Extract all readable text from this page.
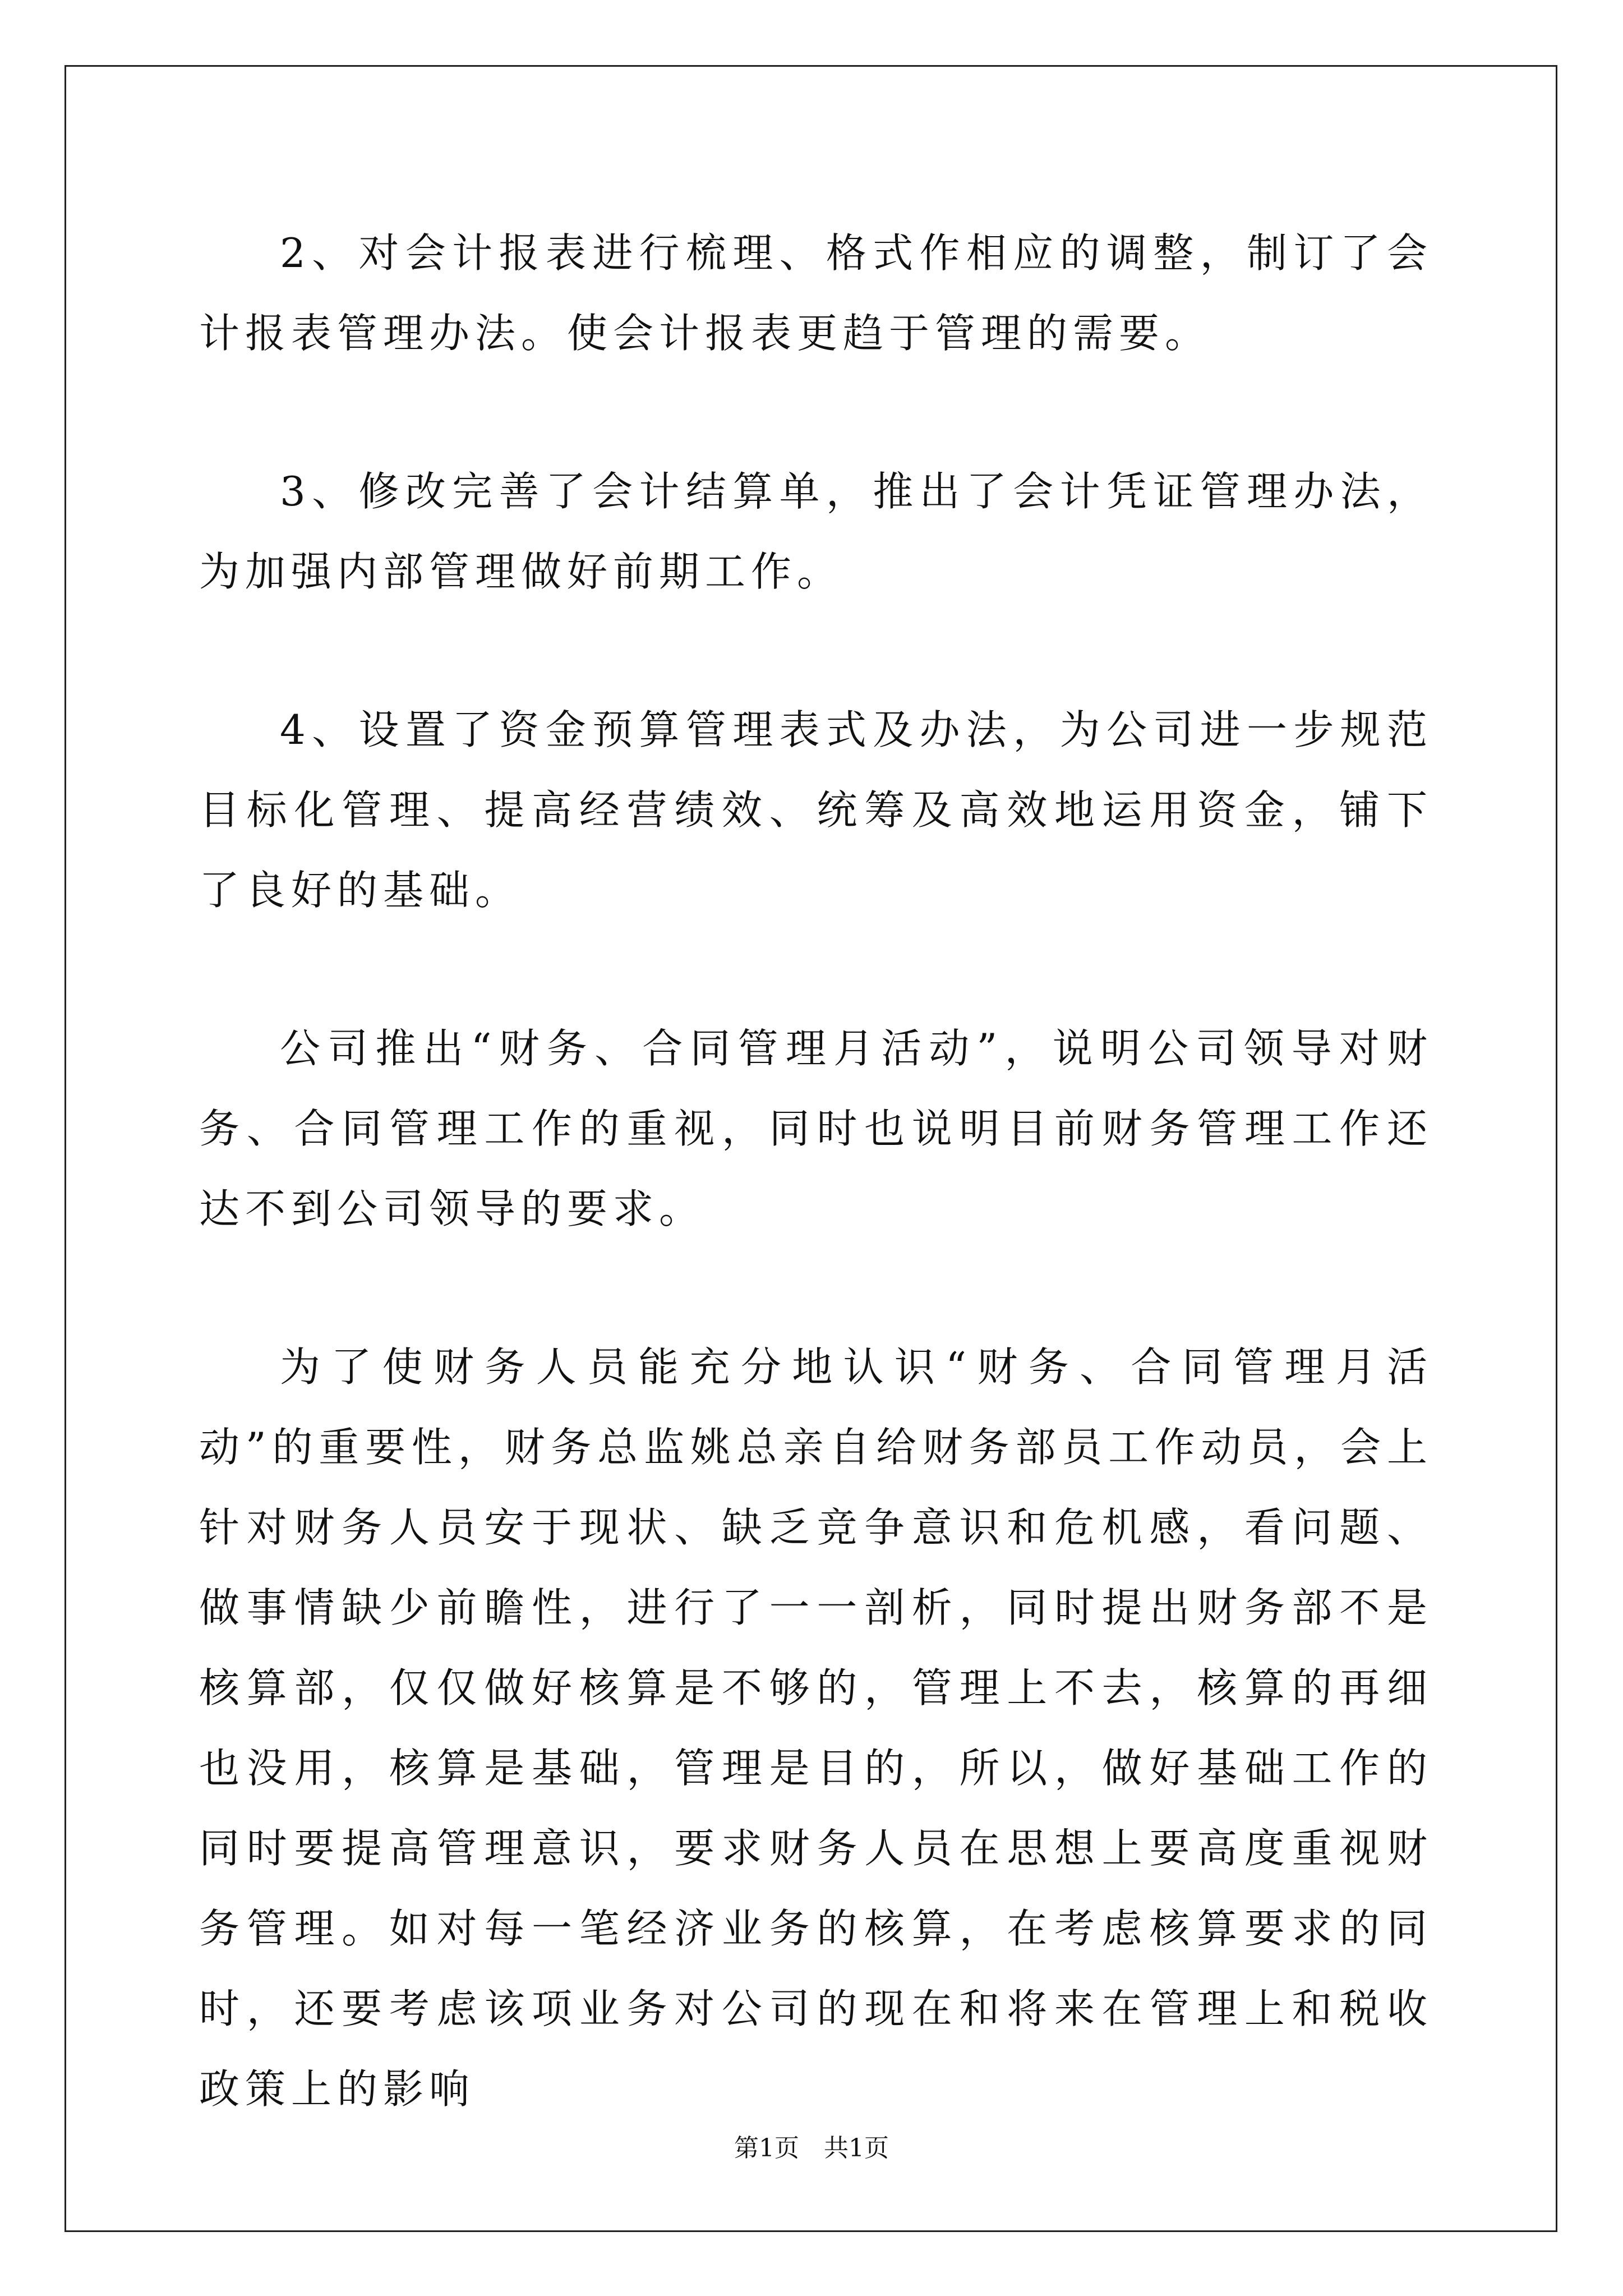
2、对会计报表进行梳理、格式作相应的调整，制订了会计报表管理办法。使会计报表更趋于管理的需要。

3、修改完善了会计结算单，推出了会计凭证管理办法，为加强内部管理做好前期工作。

4、设置了资金预算管理表式及办法，为公司进一步规范目标化管理、提高经营绩效、统筹及高效地运用资金，铺下了良好的基础。

公司推出“财务、合同管理月活动”，说明公司领导对财务、合同管理工作的重视，同时也说明目前财务管理工作还达不到公司领导的要求。

为了使财务人员能充分地认识“财务、合同管理月活动”的重要性，财务总监姚总亲自给财务部员工作动员，会上针对财务人员安于现状、缺乏竞争意识和危机感，看问题、做事情缺少前瞻性，进行了一一剖析，同时提出财务部不是核算部，仅仅做好核算是不够的，管理上不去，核算的再细也没用，核算是基础，管理是目的，所以，做好基础工作的同时要提高管理意识，要求财务人员在思想上要高度重视财务管理。如对每一笔经济业务的核算，在考虑核算要求的同时，还要考虑该项业务对公司的现在和将来在管理上和税收政策上的影响

第1页　共1页
